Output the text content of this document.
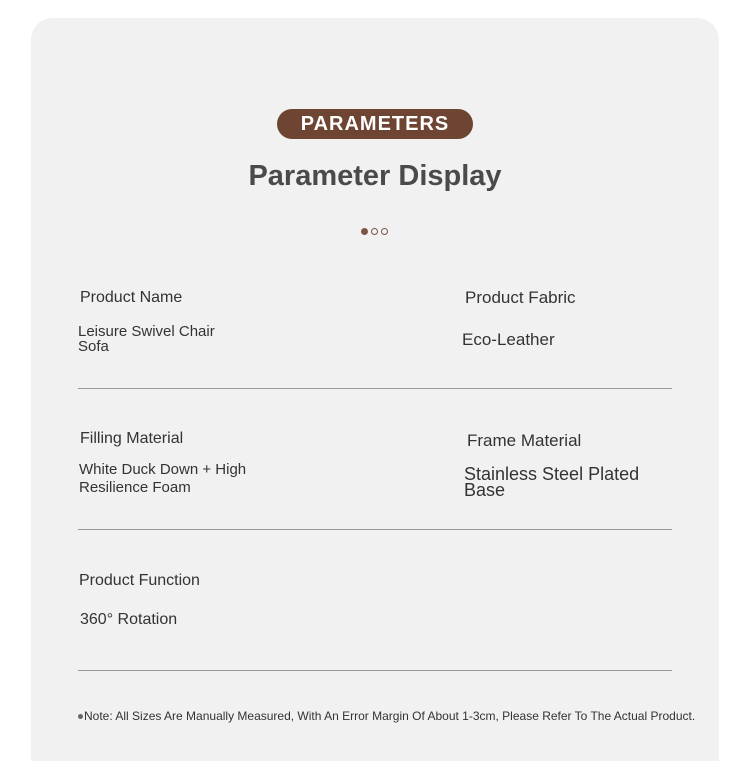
PARAMETERS
Parameter Display
Product Name
Leisure Swivel Chair Sofa
Product Fabric
Eco-Leather
Filling Material
White Duck Down + High Resilience Foam
Frame Material
Stainless Steel Plated Base
Product Function
360° Rotation
Note: All Sizes Are Manually Measured, With An Error Margin Of About 1-3cm, Please Refer To The Actual Product.
